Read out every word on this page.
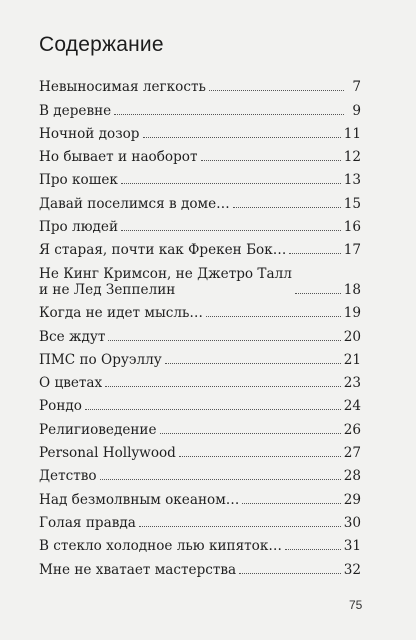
Содержание
Невыносимая легкость	7
В деревне	9
Ночной дозор	11
Но бывает и наоборот	12
Про кошек	13
Давай поселимся в доме…	15
Про людей	16
Я старая, почти как Фрекен Бок…	17
Не Кинг Кримсон, не Джетро Талл
и не Лед Зеппелин	18
Когда не идет мысль…	19
Все ждут	20
ПМС по Оруэллу	21
О цветах	23
Рондо	24
Религиоведение	26
Personal Hollywood	27
Детство	28
Над безмолвным океаном…	29
Голая правда	30
В стекло холодное лью кипяток…	31
Мне не хватает мастерства	32
75
